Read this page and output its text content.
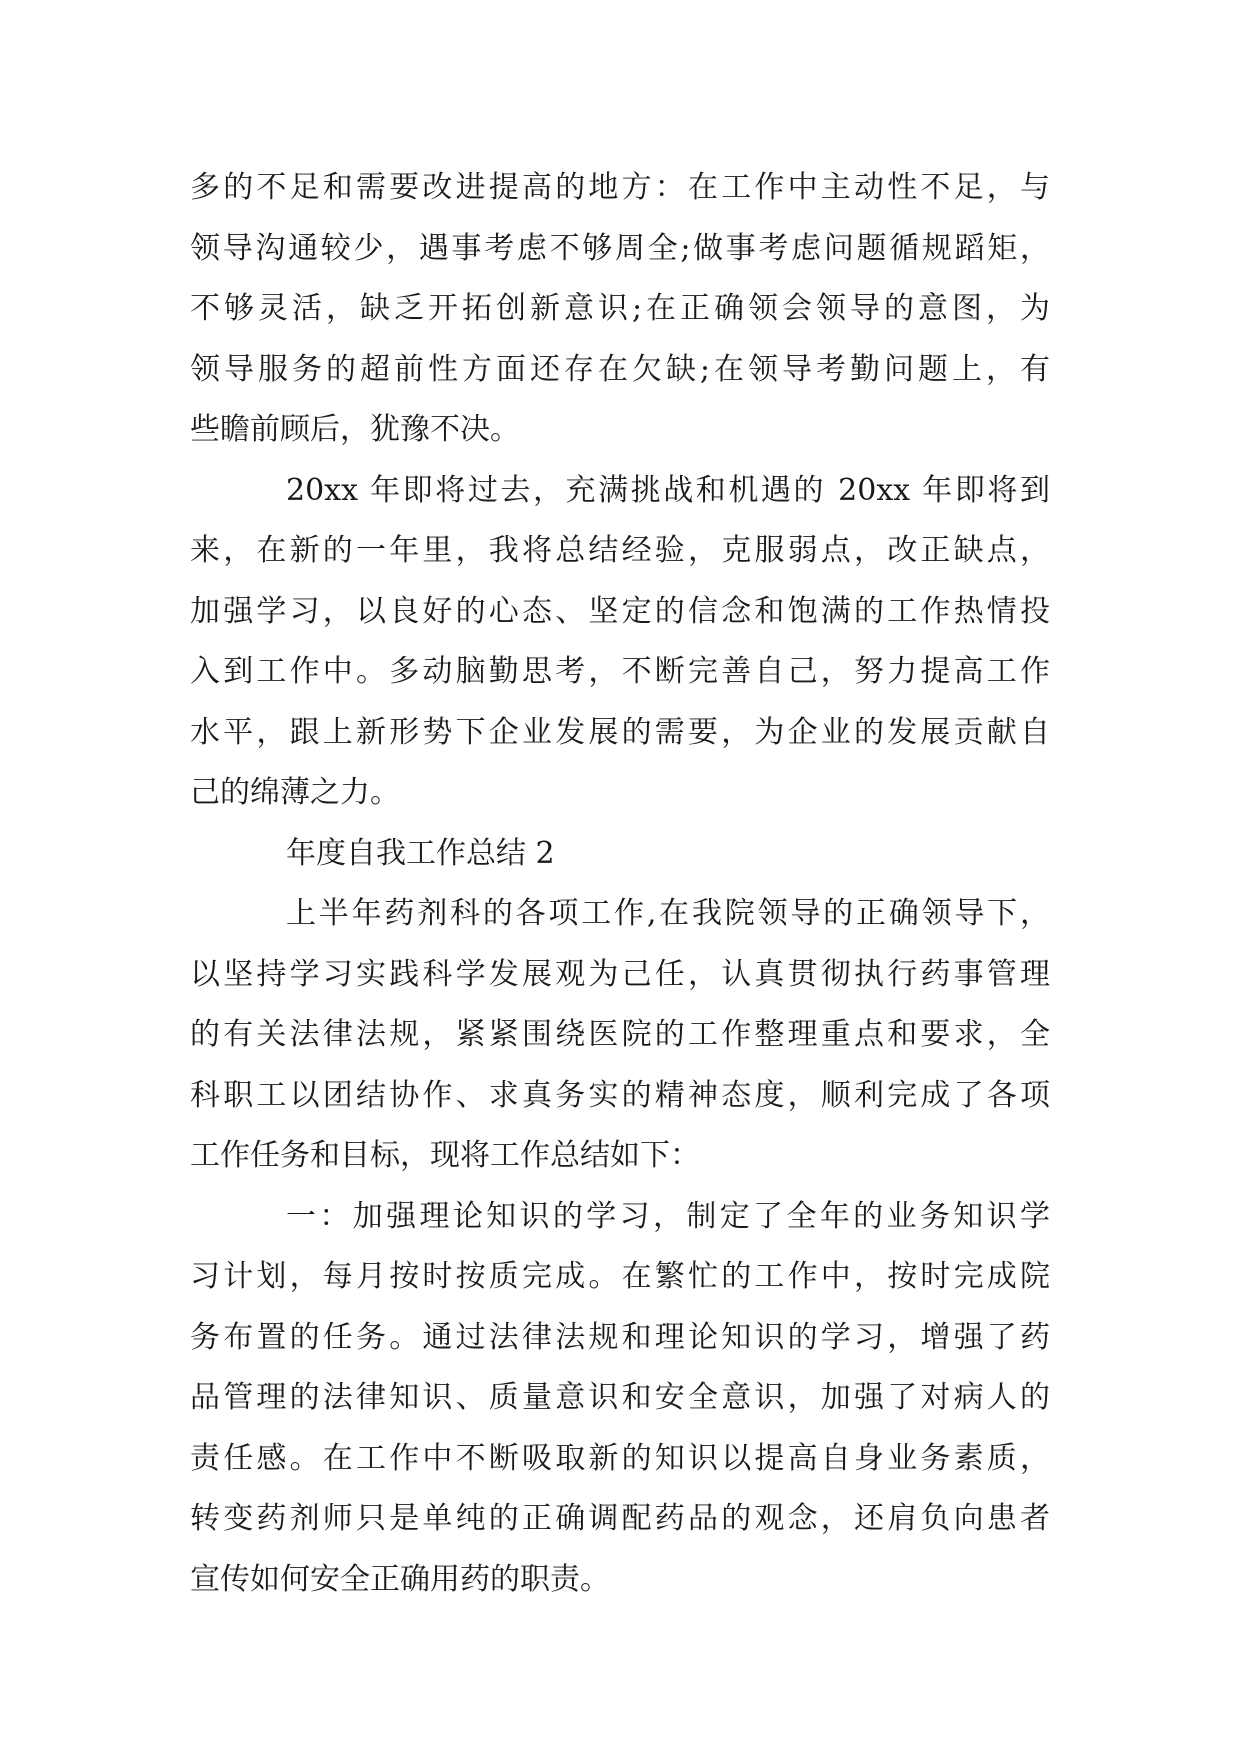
多的不足和需要改进提高的地方：在工作中主动性不足，与
领导沟通较少，遇事考虑不够周全;做事考虑问题循规蹈矩，
不够灵活，缺乏开拓创新意识;在正确领会领导的意图，为
领导服务的超前性方面还存在欠缺;在领导考勤问题上，有
些瞻前顾后，犹豫不决。
20xx 年即将过去，充满挑战和机遇的 20xx 年即将到
来，在新的一年里，我将总结经验，克服弱点，改正缺点，
加强学习，以良好的心态、坚定的信念和饱满的工作热情投
入到工作中。多动脑勤思考，不断完善自己，努力提高工作
水平，跟上新形势下企业发展的需要，为企业的发展贡献自
己的绵薄之力。
年度自我工作总结 2
上半年药剂科的各项工作,在我院领导的正确领导下，
以坚持学习实践科学发展观为己任，认真贯彻执行药事管理
的有关法律法规，紧紧围绕医院的工作整理重点和要求，全
科职工以团结协作、求真务实的精神态度，顺利完成了各项
工作任务和目标，现将工作总结如下：
一：加强理论知识的学习，制定了全年的业务知识学
习计划，每月按时按质完成。在繁忙的工作中，按时完成院
务布置的任务。通过法律法规和理论知识的学习，增强了药
品管理的法律知识、质量意识和安全意识，加强了对病人的
责任感。在工作中不断吸取新的知识以提高自身业务素质，
转变药剂师只是单纯的正确调配药品的观念，还肩负向患者
宣传如何安全正确用药的职责。
